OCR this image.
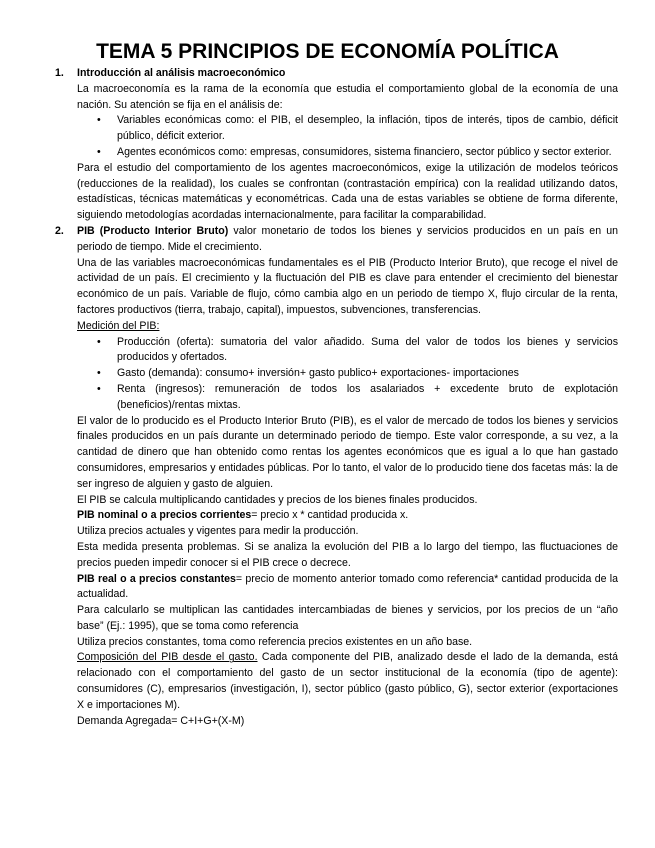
TEMA 5 PRINCIPIOS DE ECONOMÍA POLÍTICA
1. Introducción al análisis macroeconómico
La macroeconomía es la rama de la economía que estudia el comportamiento global de la economía de una nación. Su atención se fija en el análisis de:
• Variables económicas como: el PIB, el desempleo, la inflación, tipos de interés, tipos de cambio, déficit público, déficit exterior.
• Agentes económicos como: empresas, consumidores, sistema financiero, sector público y sector exterior.
Para el estudio del comportamiento de los agentes macroeconómicos, exige la utilización de modelos teóricos (reducciones de la realidad), los cuales se confrontan (contrastación empírica) con la realidad utilizando datos, estadísticas, técnicas matemáticas y econométricas. Cada una de estas variables se obtiene de forma diferente, siguiendo metodologías acordadas internacionalmente, para facilitar la comparabilidad.
2. PIB (Producto Interior Bruto) valor monetario de todos los bienes y servicios producidos en un país en un periodo de tiempo. Mide el crecimiento.
Una de las variables macroeconómicas fundamentales es el PIB (Producto Interior Bruto), que recoge el nivel de actividad de un país. El crecimiento y la fluctuación del PIB es clave para entender el crecimiento del bienestar económico de un país. Variable de flujo, cómo cambia algo en un periodo de tiempo X, flujo circular de la renta, factores productivos (tierra, trabajo, capital), impuestos, subvenciones, transferencias.
Medición del PIB:
• Producción (oferta): sumatoria del valor añadido. Suma del valor de todos los bienes y servicios producidos y ofertados.
• Gasto (demanda): consumo+ inversión+ gasto publico+ exportaciones- importaciones
• Renta (ingresos): remuneración de todos los asalariados + excedente bruto de explotación (beneficios)/rentas mixtas.
El valor de lo producido es el Producto Interior Bruto (PIB), es el valor de mercado de todos los bienes y servicios finales producidos en un país durante un determinado periodo de tiempo. Este valor corresponde, a su vez, a la cantidad de dinero que han obtenido como rentas los agentes económicos que es igual a lo que han gastado consumidores, empresarios y entidades públicas. Por lo tanto, el valor de lo producido tiene dos facetas más: la de ser ingreso de alguien y gasto de alguien.
El PIB se calcula multiplicando cantidades y precios de los bienes finales producidos.
PIB nominal o a precios corrientes= precio x * cantidad producida x.
Utiliza precios actuales y vigentes para medir la producción.
Esta medida presenta problemas. Si se analiza la evolución del PIB a lo largo del tiempo, las fluctuaciones de precios pueden impedir conocer si el PIB crece o decrece.
PIB real o a precios constantes= precio de momento anterior tomado como referencia* cantidad producida de la actualidad.
Para calcularlo se multiplican las cantidades intercambiadas de bienes y servicios, por los precios de un “año base” (Ej.: 1995), que se toma como referencia
Utiliza precios constantes, toma como referencia precios existentes en un año base.
Composición del PIB desde el gasto. Cada componente del PIB, analizado desde el lado de la demanda, está relacionado con el comportamiento del gasto de un sector institucional de la economía (tipo de agente): consumidores (C), empresarios (investigación, I), sector público (gasto público, G), sector exterior (exportaciones X e importaciones M).
Demanda Agregada= C+I+G+(X-M)
